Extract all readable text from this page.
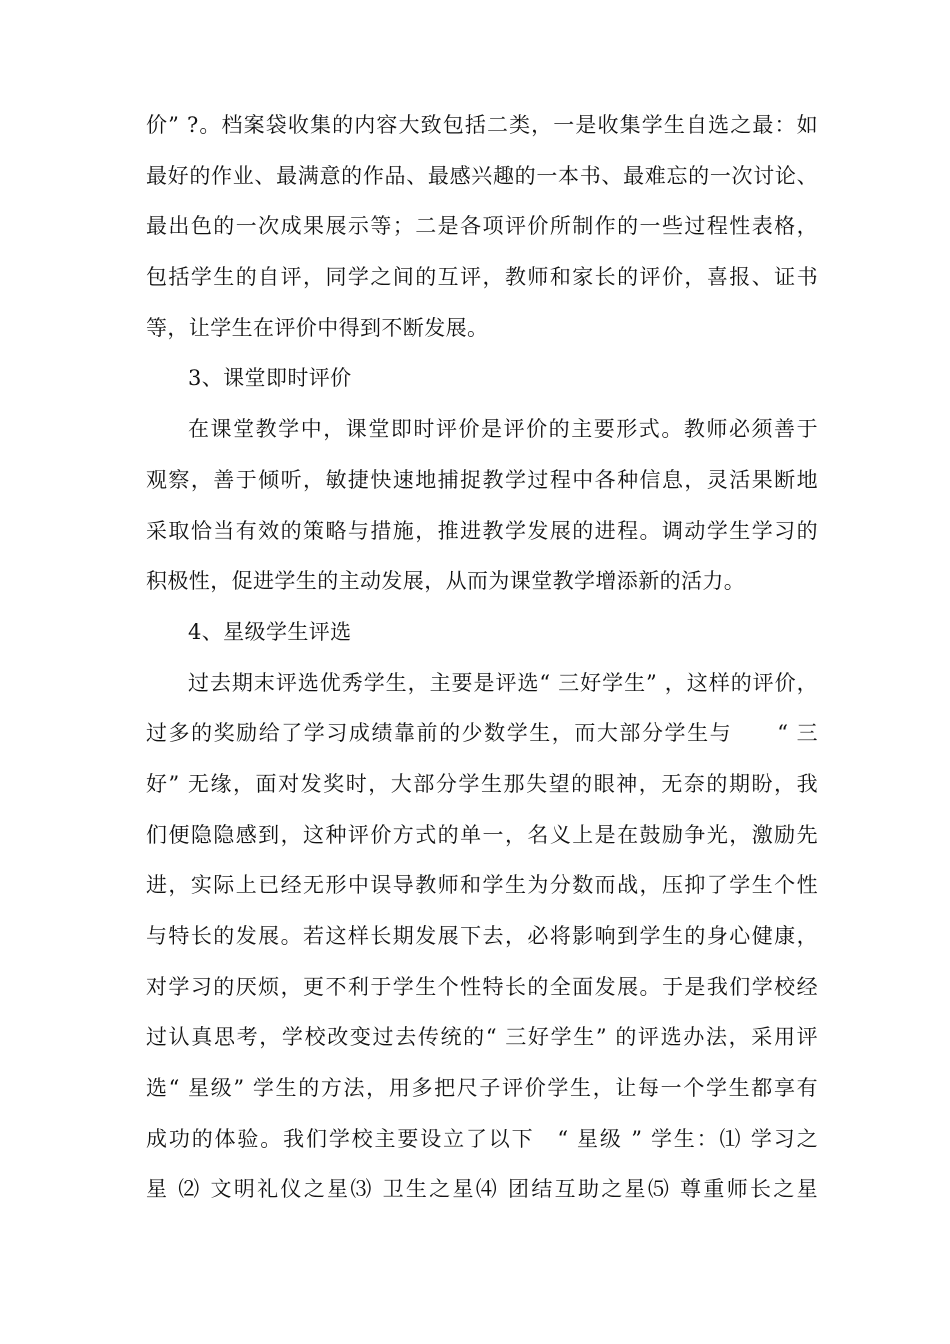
价” ?。档案袋收集的内容大致包括二类，一是收集学生自选之最：如
最好的作业、最满意的作品、最感兴趣的一本书、最难忘的一次讨论、
最出色的一次成果展示等；二是各项评价所制作的一些过程性表格，
包括学生的自评，同学之间的互评，教师和家长的评价，喜报、证书
等，让学生在评价中得到不断发展。
3、课堂即时评价
在课堂教学中，课堂即时评价是评价的主要形式。教师必须善于
观察，善于倾听，敏捷快速地捕捉教学过程中各种信息，灵活果断地
采取恰当有效的策略与措施，推进教学发展的进程。调动学生学习的
积极性，促进学生的主动发展，从而为课堂教学增添新的活力。
4、星级学生评选
过去期末评选优秀学生，主要是评选“ 三好学生” ，这样的评价，
过多的奖励给了学习成绩靠前的少数学生，而大部分学生与　　“ 三
好” 无缘，面对发奖时，大部分学生那失望的眼神，无奈的期盼，我
们便隐隐感到，这种评价方式的单一，名义上是在鼓励争光，激励先
进，实际上已经无形中误导教师和学生为分数而战，压抑了学生个性
与特长的发展。若这样长期发展下去，必将影响到学生的身心健康，
对学习的厌烦，更不利于学生个性特长的全面发展。于是我们学校经
过认真思考，学校改变过去传统的“ 三好学生” 的评选办法，采用评
选“ 星级” 学生的方法，用多把尺子评价学生，让每一个学生都享有
成功的体验。我们学校主要设立了以下　“ 星级 ” 学生：⑴ 学习之
星 ⑵ 文明礼仪之星⑶ 卫生之星⑷ 团结互助之星⑸ 尊重师长之星
